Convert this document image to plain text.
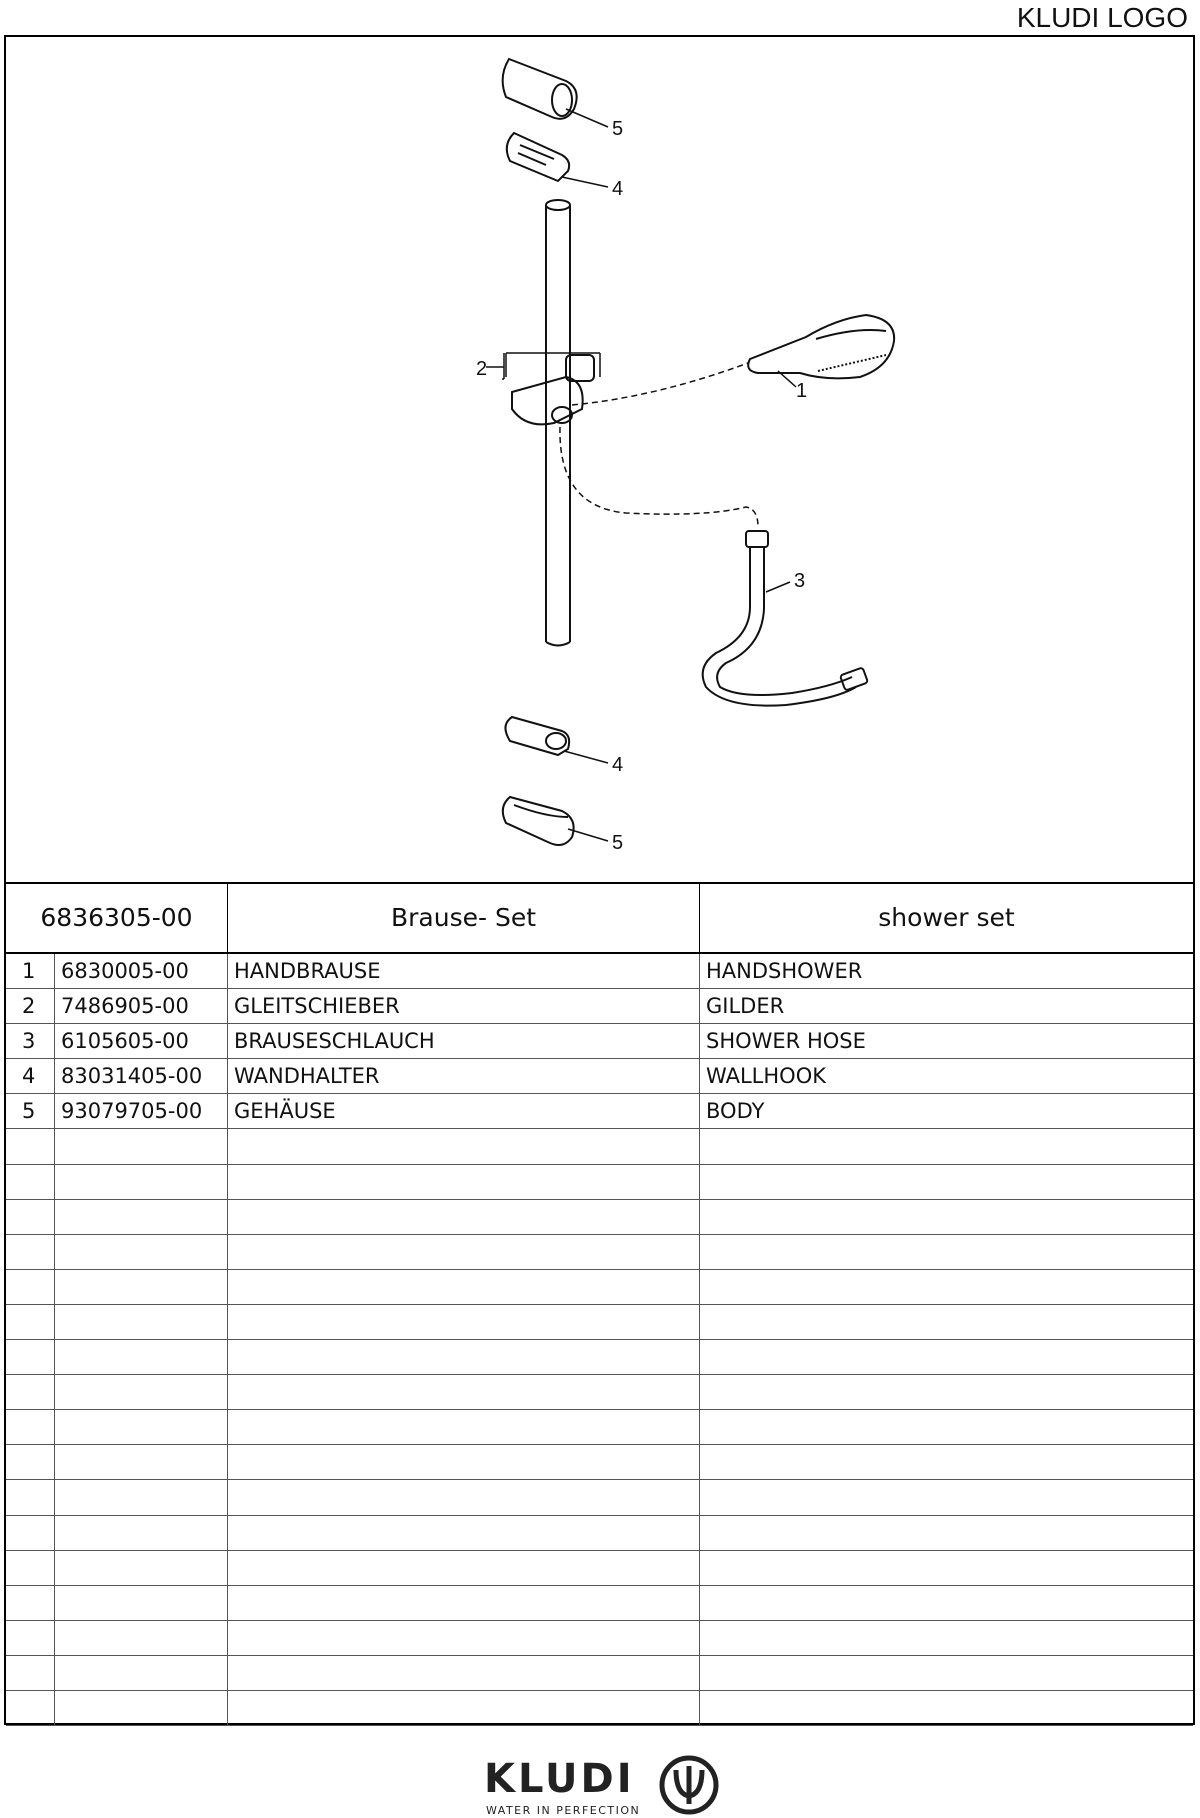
KLUDI LOGO
5
4
2
1
3
4
5
6836305-00	Brause- Set	shower set
1	6830005-00	HANDBRAUSE	HANDSHOWER
2	7486905-00	GLEITSCHIEBER	GILDER
3	6105605-00	BRAUSESCHLAUCH	SHOWER HOSE
4	83031405-00	WANDHALTER	WALLHOOK
5	93079705-00	GEHÄUSE	BODY
KLUDI
WATER IN PERFECTION
